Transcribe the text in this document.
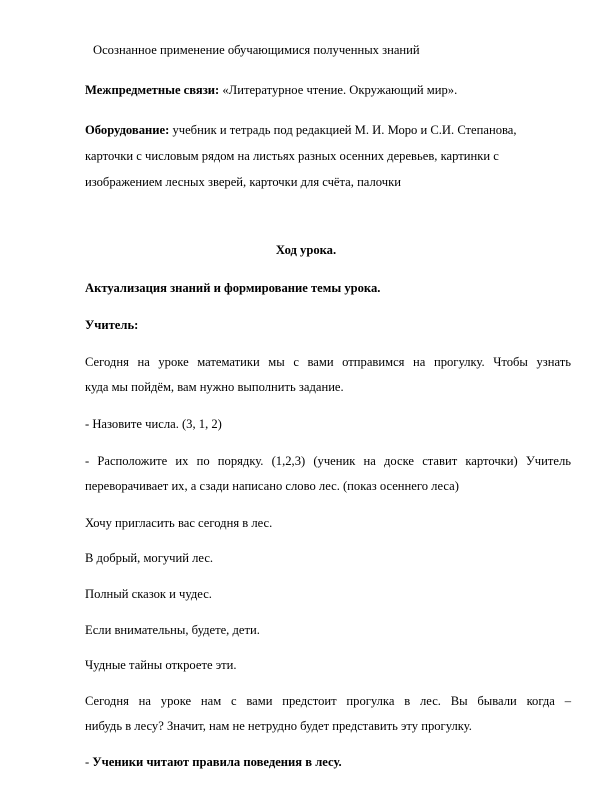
Осознанное применение обучающимися полученных знаний
Межпредметные связи: «Литературное чтение. Окружающий мир».
Оборудование: учебник и тетрадь под редакцией М. И. Моро и С.И. Степанова,
карточки с числовым рядом на листьях разных осенних деревьев, картинки с
изображением лесных зверей, карточки для счёта, палочки
Ход урока.
Актуализация знаний и формирование темы урока.
Учитель:
Сегодня на уроке математики мы с вами отправимся на прогулку. Чтобы узнать
куда мы пойдём, вам нужно выполнить задание.
- Назовите числа. (3, 1, 2)
- Расположите их по порядку. (1,2,3) (ученик на доске ставит карточки) Учитель
переворачивает их, а сзади написано слово лес. (показ осеннего леса)
Хочу пригласить вас сегодня в лес.
В добрый, могучий лес.
Полный сказок и чудес.
Если внимательны, будете, дети.
Чудные тайны откроете эти.
Сегодня на уроке нам с вами предстоит прогулка в лес. Вы бывали когда –
нибудь в лесу? Значит, нам не нетрудно будет представить эту прогулку.
- Ученики читают правила поведения в лесу.
